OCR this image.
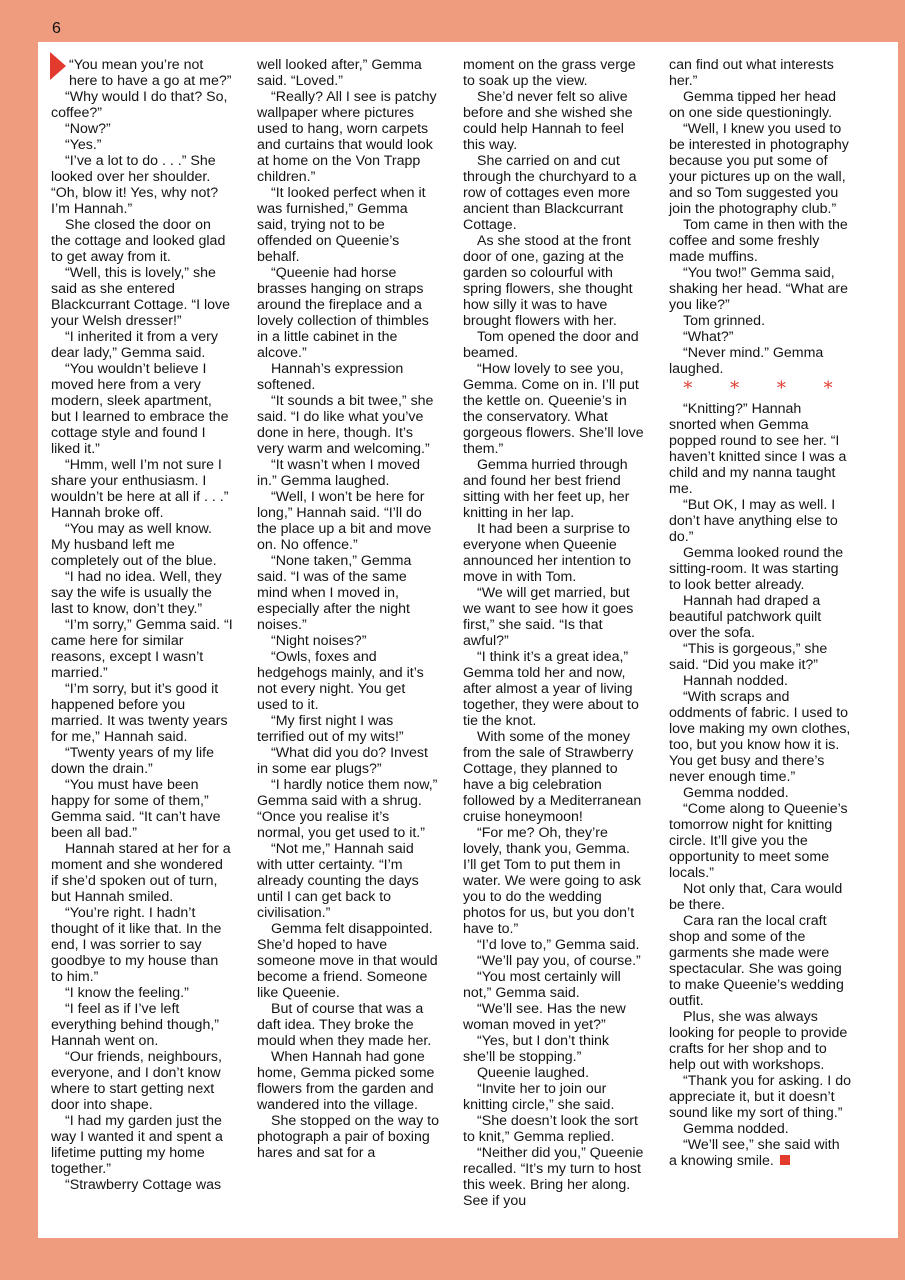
6

“You mean you’re not here to have a go at me?”

“Why would I do that? So, coffee?”

“Now?”

“Yes.”

“I’ve a lot to do . . .” She looked over her shoulder. “Oh, blow it! Yes, why not? I’m Hannah.”

She closed the door on the cottage and looked glad to get away from it.

“Well, this is lovely,” she said as she entered Blackcurrant Cottage. “I love your Welsh dresser!”

“I inherited it from a very dear lady,” Gemma said.

“You wouldn’t believe I moved here from a very modern, sleek apartment, but I learned to embrace the cottage style and found I liked it.”

“Hmm, well I’m not sure I share your enthusiasm. I wouldn’t be here at all if . . .” Hannah broke off.

“You may as well know. My husband left me completely out of the blue.

“I had no idea. Well, they say the wife is usually the last to know, don’t they.”

“I’m sorry,” Gemma said. “I came here for similar reasons, except I wasn’t married.”

“I’m sorry, but it’s good it happened before you married. It was twenty years for me,” Hannah said.

“Twenty years of my life down the drain.”

“You must have been happy for some of them,” Gemma said. “It can’t have been all bad.”

Hannah stared at her for a moment and she wondered if she’d spoken out of turn, but Hannah smiled.

“You’re right. I hadn’t thought of it like that. In the end, I was sorrier to say goodbye to my house than to him.”

“I know the feeling.”

“I feel as if I’ve left everything behind though,” Hannah went on.

“Our friends, neighbours, everyone, and I don’t know where to start getting next door into shape.

“I had my garden just the way I wanted it and spent a lifetime putting my home together.”

“Strawberry Cottage was

well looked after,” Gemma said. “Loved.”

“Really? All I see is patchy wallpaper where pictures used to hang, worn carpets and curtains that would look at home on the Von Trapp children.”

“It looked perfect when it was furnished,” Gemma said, trying not to be offended on Queenie’s behalf.

“Queenie had horse brasses hanging on straps around the fireplace and a lovely collection of thimbles in a little cabinet in the alcove.”

Hannah’s expression softened.

“It sounds a bit twee,” she said. “I do like what you’ve done in here, though. It’s very warm and welcoming.”

“It wasn’t when I moved in.” Gemma laughed.

“Well, I won’t be here for long,” Hannah said. “I’ll do the place up a bit and move on. No offence.”

“None taken,” Gemma said. “I was of the same mind when I moved in, especially after the night noises.”

“Night noises?”

“Owls, foxes and hedgehogs mainly, and it’s not every night. You get used to it.

“My first night I was terrified out of my wits!”

“What did you do? Invest in some ear plugs?”

“I hardly notice them now,” Gemma said with a shrug. “Once you realise it’s normal, you get used to it.”

“Not me,” Hannah said with utter certainty. “I’m already counting the days until I can get back to civilisation.”

Gemma felt disappointed. She’d hoped to have someone move in that would become a friend. Someone like Queenie.

But of course that was a daft idea. They broke the mould when they made her.

When Hannah had gone home, Gemma picked some flowers from the garden and wandered into the village.

She stopped on the way to photograph a pair of boxing hares and sat for a

moment on the grass verge to soak up the view.

She’d never felt so alive before and she wished she could help Hannah to feel this way.

She carried on and cut through the churchyard to a row of cottages even more ancient than Blackcurrant Cottage.

As she stood at the front door of one, gazing at the garden so colourful with spring flowers, she thought how silly it was to have brought flowers with her.

Tom opened the door and beamed.

“How lovely to see you, Gemma. Come on in. I’ll put the kettle on. Queenie’s in the conservatory. What gorgeous flowers. She’ll love them.”

Gemma hurried through and found her best friend sitting with her feet up, her knitting in her lap.

It had been a surprise to everyone when Queenie announced her intention to move in with Tom.

“We will get married, but we want to see how it goes first,” she said. “Is that awful?”

“I think it’s a great idea,” Gemma told her and now, after almost a year of living together, they were about to tie the knot.

With some of the money from the sale of Strawberry Cottage, they planned to have a big celebration followed by a Mediterranean cruise honeymoon!

“For me? Oh, they’re lovely, thank you, Gemma. I’ll get Tom to put them in water. We were going to ask you to do the wedding photos for us, but you don’t have to.”

“I’d love to,” Gemma said.

“We’ll pay you, of course.”

“You most certainly will not,” Gemma said.

“We’ll see. Has the new woman moved in yet?”

“Yes, but I don’t think she’ll be stopping.”

Queenie laughed.

“Invite her to join our knitting circle,” she said.

“She doesn’t look the sort to knit,” Gemma replied.

“Neither did you,” Queenie recalled. “It’s my turn to host this week. Bring her along. See if you

can find out what interests her.”

Gemma tipped her head on one side questioningly.

“Well, I knew you used to be interested in photography because you put some of your pictures up on the wall, and so Tom suggested you join the photography club.”

Tom came in then with the coffee and some freshly made muffins.

“You two!” Gemma said, shaking her head. “What are you like?”

Tom grinned.

“What?”

“Never mind.” Gemma laughed.

* * * *

“Knitting?” Hannah snorted when Gemma popped round to see her. “I haven’t knitted since I was a child and my nanna taught me.

“But OK, I may as well. I don’t have anything else to do.”

Gemma looked round the sitting-room. It was starting to look better already.

Hannah had draped a beautiful patchwork quilt over the sofa.

“This is gorgeous,” she said. “Did you make it?”

Hannah nodded.

“With scraps and oddments of fabric. I used to love making my own clothes, too, but you know how it is. You get busy and there’s never enough time.”

Gemma nodded.

“Come along to Queenie’s tomorrow night for knitting circle. It’ll give you the opportunity to meet some locals.”

Not only that, Cara would be there.

Cara ran the local craft shop and some of the garments she made were spectacular. She was going to make Queenie’s wedding outfit.

Plus, she was always looking for people to provide crafts for her shop and to help out with workshops.

“Thank you for asking. I do appreciate it, but it doesn’t sound like my sort of thing.”

Gemma nodded.

“We’ll see,” she said with a knowing smile.
